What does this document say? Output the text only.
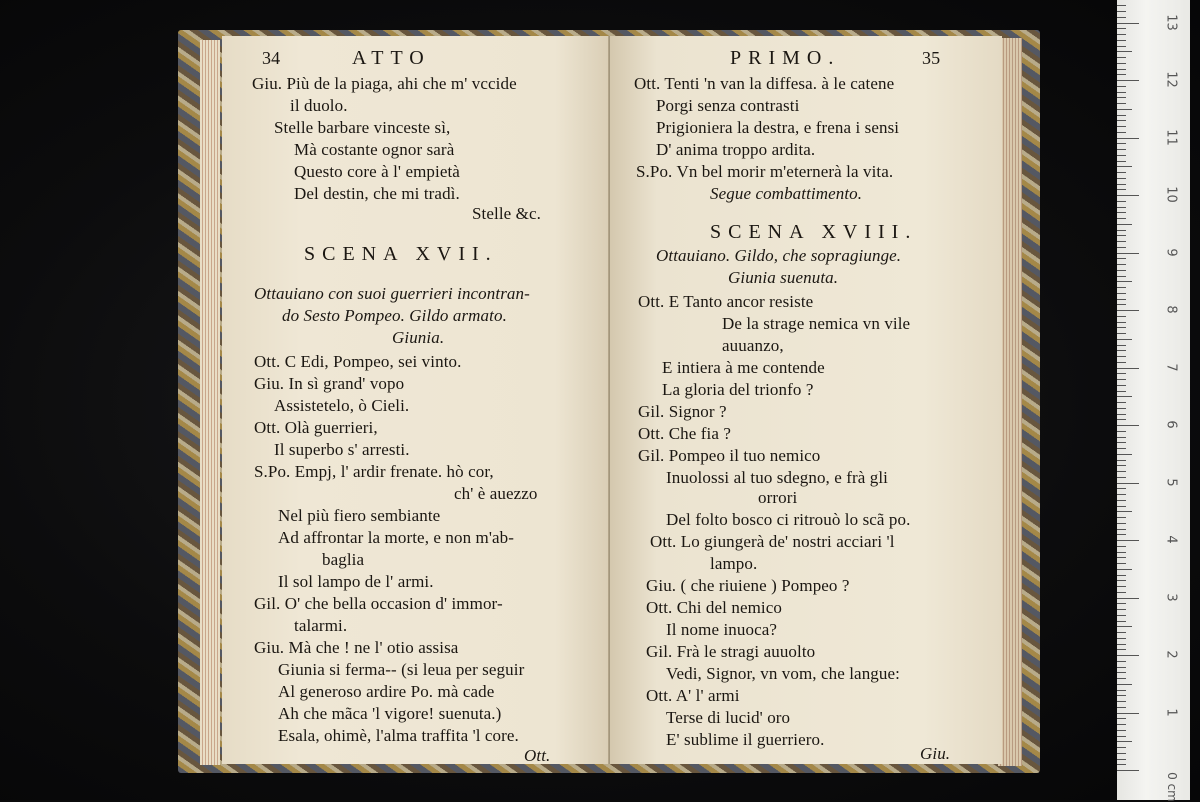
1
2
3
4
5
6
7
8
9
10
11
12
13
0 cm
34	ATTO
Giu. Più de la piaga, ahi che m' vccide
il duolo.
Stelle barbare vinceste sì,
Mà costante ognor sarà
Questo core à l' empietà
Del destin, che mi tradì.
Stelle &c.
SCENA XVII.
Ottauiano con suoi guerrieri incontran-
do Sesto Pompeo. Gildo armato.
Giunia.
Ott. C Edi, Pompeo, sei vinto.
Giu. In sì grand' vopo
Assistetelo, ò Cieli.
Ott. Olà guerrieri,
Il superbo s' arresti.
S.Po. Empj, l' ardir frenate. hò cor,
ch' è auezzo
Nel più fiero sembiante
Ad affrontar la morte, e non m'ab-
baglia
Il sol lampo de l' armi.
Gil. O' che bella occasion d' immor-
talarmi.
Giu. Mà che ! ne l' otio assisa
Giunia si ferma-- (si leua per seguir
Al generoso ardire Po. mà cade
Ah che mãca 'l vigore! suenuta.)
Esala, ohimè, l'alma traffita 'l core.
Ott.
PRIMO.	35
Ott. Tenti 'n van la diffesa. à le catene
Porgi senza contrasti
Prigioniera la destra, e frena i sensi
D' anima troppo ardita.
S.Po. Vn bel morir m'eternerà la vita.
Segue combattimento.
SCENA XVIII.
Ottauiano. Gildo, che sopragiunge.
Giunia suenuta.
Ott. E Tanto ancor resiste
De la strage nemica vn vile
auuanzo,
E intiera à me contende
La gloria del trionfo ?
Gil. Signor ?
Ott. Che fia ?
Gil. Pompeo il tuo nemico
Inuolossi al tuo sdegno, e frà gli
orrori
Del folto bosco ci ritrouò lo scã po.
Ott. Lo giungerà de' nostri acciari 'l
lampo.
Giu. ( che riuiene ) Pompeo ?
Ott. Chi del nemico
Il nome inuoca?
Gil. Frà le stragi auuolto
Vedi, Signor, vn vom, che langue:
Ott. A' l' armi
Terse di lucid' oro
E' sublime il guerriero.
Giu.
